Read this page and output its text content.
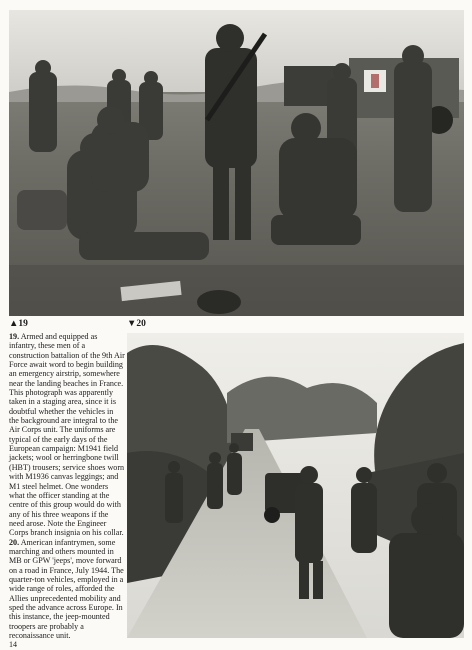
▲19	▼20

19. Armed and equipped as infantry, these men of a construction battalion of the 9th Air Force await word to begin building an emergency airstrip, somewhere near the landing beaches in France. This photograph was apparently taken in a staging area, since it is doubtful whether the vehicles in the background are integral to the Air Corps unit. The uniforms are typical of the early days of the European campaign: M1941 field jackets; wool or herringbone twill (HBT) trousers; service shoes worn with M1936 canvas leggings; and M1 steel helmet. One wonders what the officer standing at the centre of this group would do with any of his three weapons if the need arose. Note the Engineer Corps branch insignia on his collar.

20. American infantrymen, some marching and others mounted in MB or GPW 'jeeps', move forward on a road in France, July 1944. The quarter-ton vehicles, employed in a wide range of roles, afforded the Allies unprecedented mobility and sped the advance across Europe. In this instance, the jeep-mounted troopers are probably a reconaissance unit.

14
